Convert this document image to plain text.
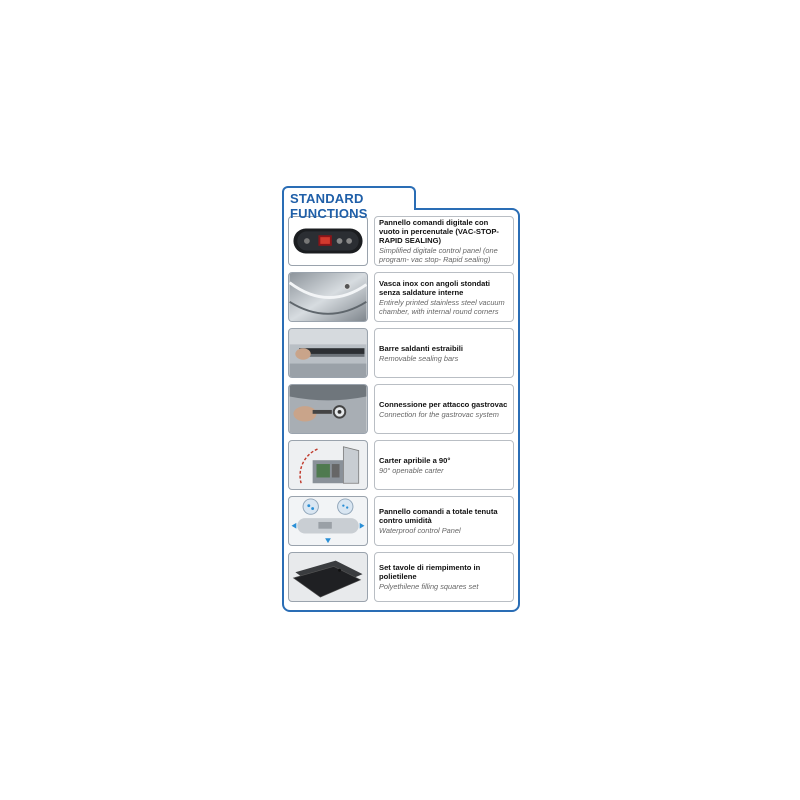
STANDARD FUNCTIONS
Pannello comandi digitale con vuoto in percenutale (VAC-STOP- RAPID SEALING)
Simplified digitale control panel (one program- vac stop- Rapid sealing)
Vasca inox con angoli stondati senza saldature interne
Entirely printed stainless steel vacuum chamber, with internal round corners
Barre saldanti estraibili
Removable sealing bars
Connessione per attacco gastrovac
Connection for the gastrovac system
Carter apribile a 90°
90° openable carter
Pannello comandi a totale tenuta contro umidità
Waterproof control Panel
Set tavole di riempimento in polietilene
Polyethilene filling squares set
